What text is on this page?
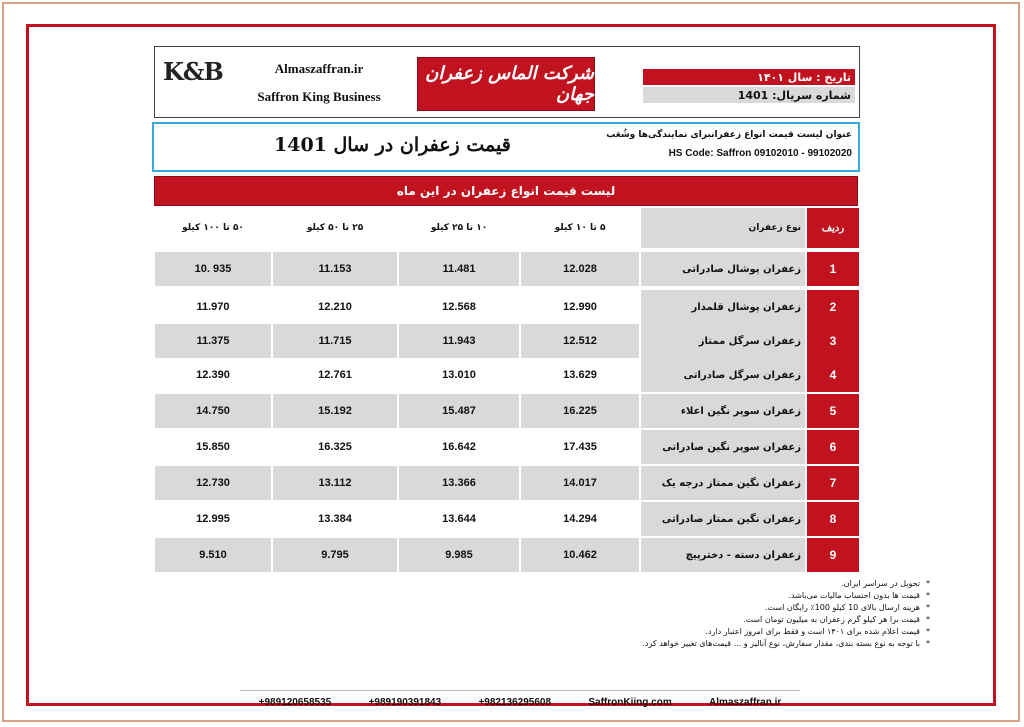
K&B	Almaszaffran.ir
Saffron King Business
شرکت الماس زعفران جهان
تاریخ : سال ۱۴۰۱
شماره سریال: 1401
قیمت زعفران در سال 1401	عنوان لیست قیمت انواع زعفرانبرای نمایندگی‌ها وشُعَب
HS Code: Saffron 09102010 - 99102020
لیست قیمت انواع زعفران در این ماه
۵۰ تا ۱۰۰ کیلو	۲۵ تا ۵۰ کیلو	۱۰ تا ۲۵ کیلو	۵ تا ۱۰ کیلو	نوع زعفران	ردیف
10. 935	11.153	11.481	12.028	زعفران پوشال صادراتی	1
11.970	12.210	12.568	12.990	زعفران پوشال قلمدار	2
11.375	11.715	11.943	12.512	زعفران سرگل ممتاز	3
12.390	12.761	13.010	13.629	زعفران سرگل صادراتی	4
14.750	15.192	15.487	16.225	زعفران سوپر نگین اعلاء	5
15.850	16.325	16.642	17.435	زعفران سوپر نگین صادراتی	6
12.730	13.112	13.366	14.017	زعفران نگین ممتاز درجه یک	7
12.995	13.384	13.644	14.294	زعفران نگین ممتاز صادراتی	8
9.510	9.795	9.985	10.462	زعفران دسته - دخترپیچ	9
*تحویل در سراسر ایران.
*قیمت ها بدون احتساب مالیات می‌باشد.
*هزینه ارسال بالای 10 کیلو 100٪ رایگان است.
*قیمت برا هر کیلو گرم زعفران به میلیون تومان است.
*قیمت اعلام شده برای ۱۴۰۱ است و فقط برای امروز اعتبار دارد.
*با توجه به نوع بسته بندی، مقدار سفارش، نوع آنالیز و ... قیمت‌های تغییر خواهد کرد.
+989120658535	+989190391843	+982136295608	SaffronKiing.com	Almaszaffran.ir
